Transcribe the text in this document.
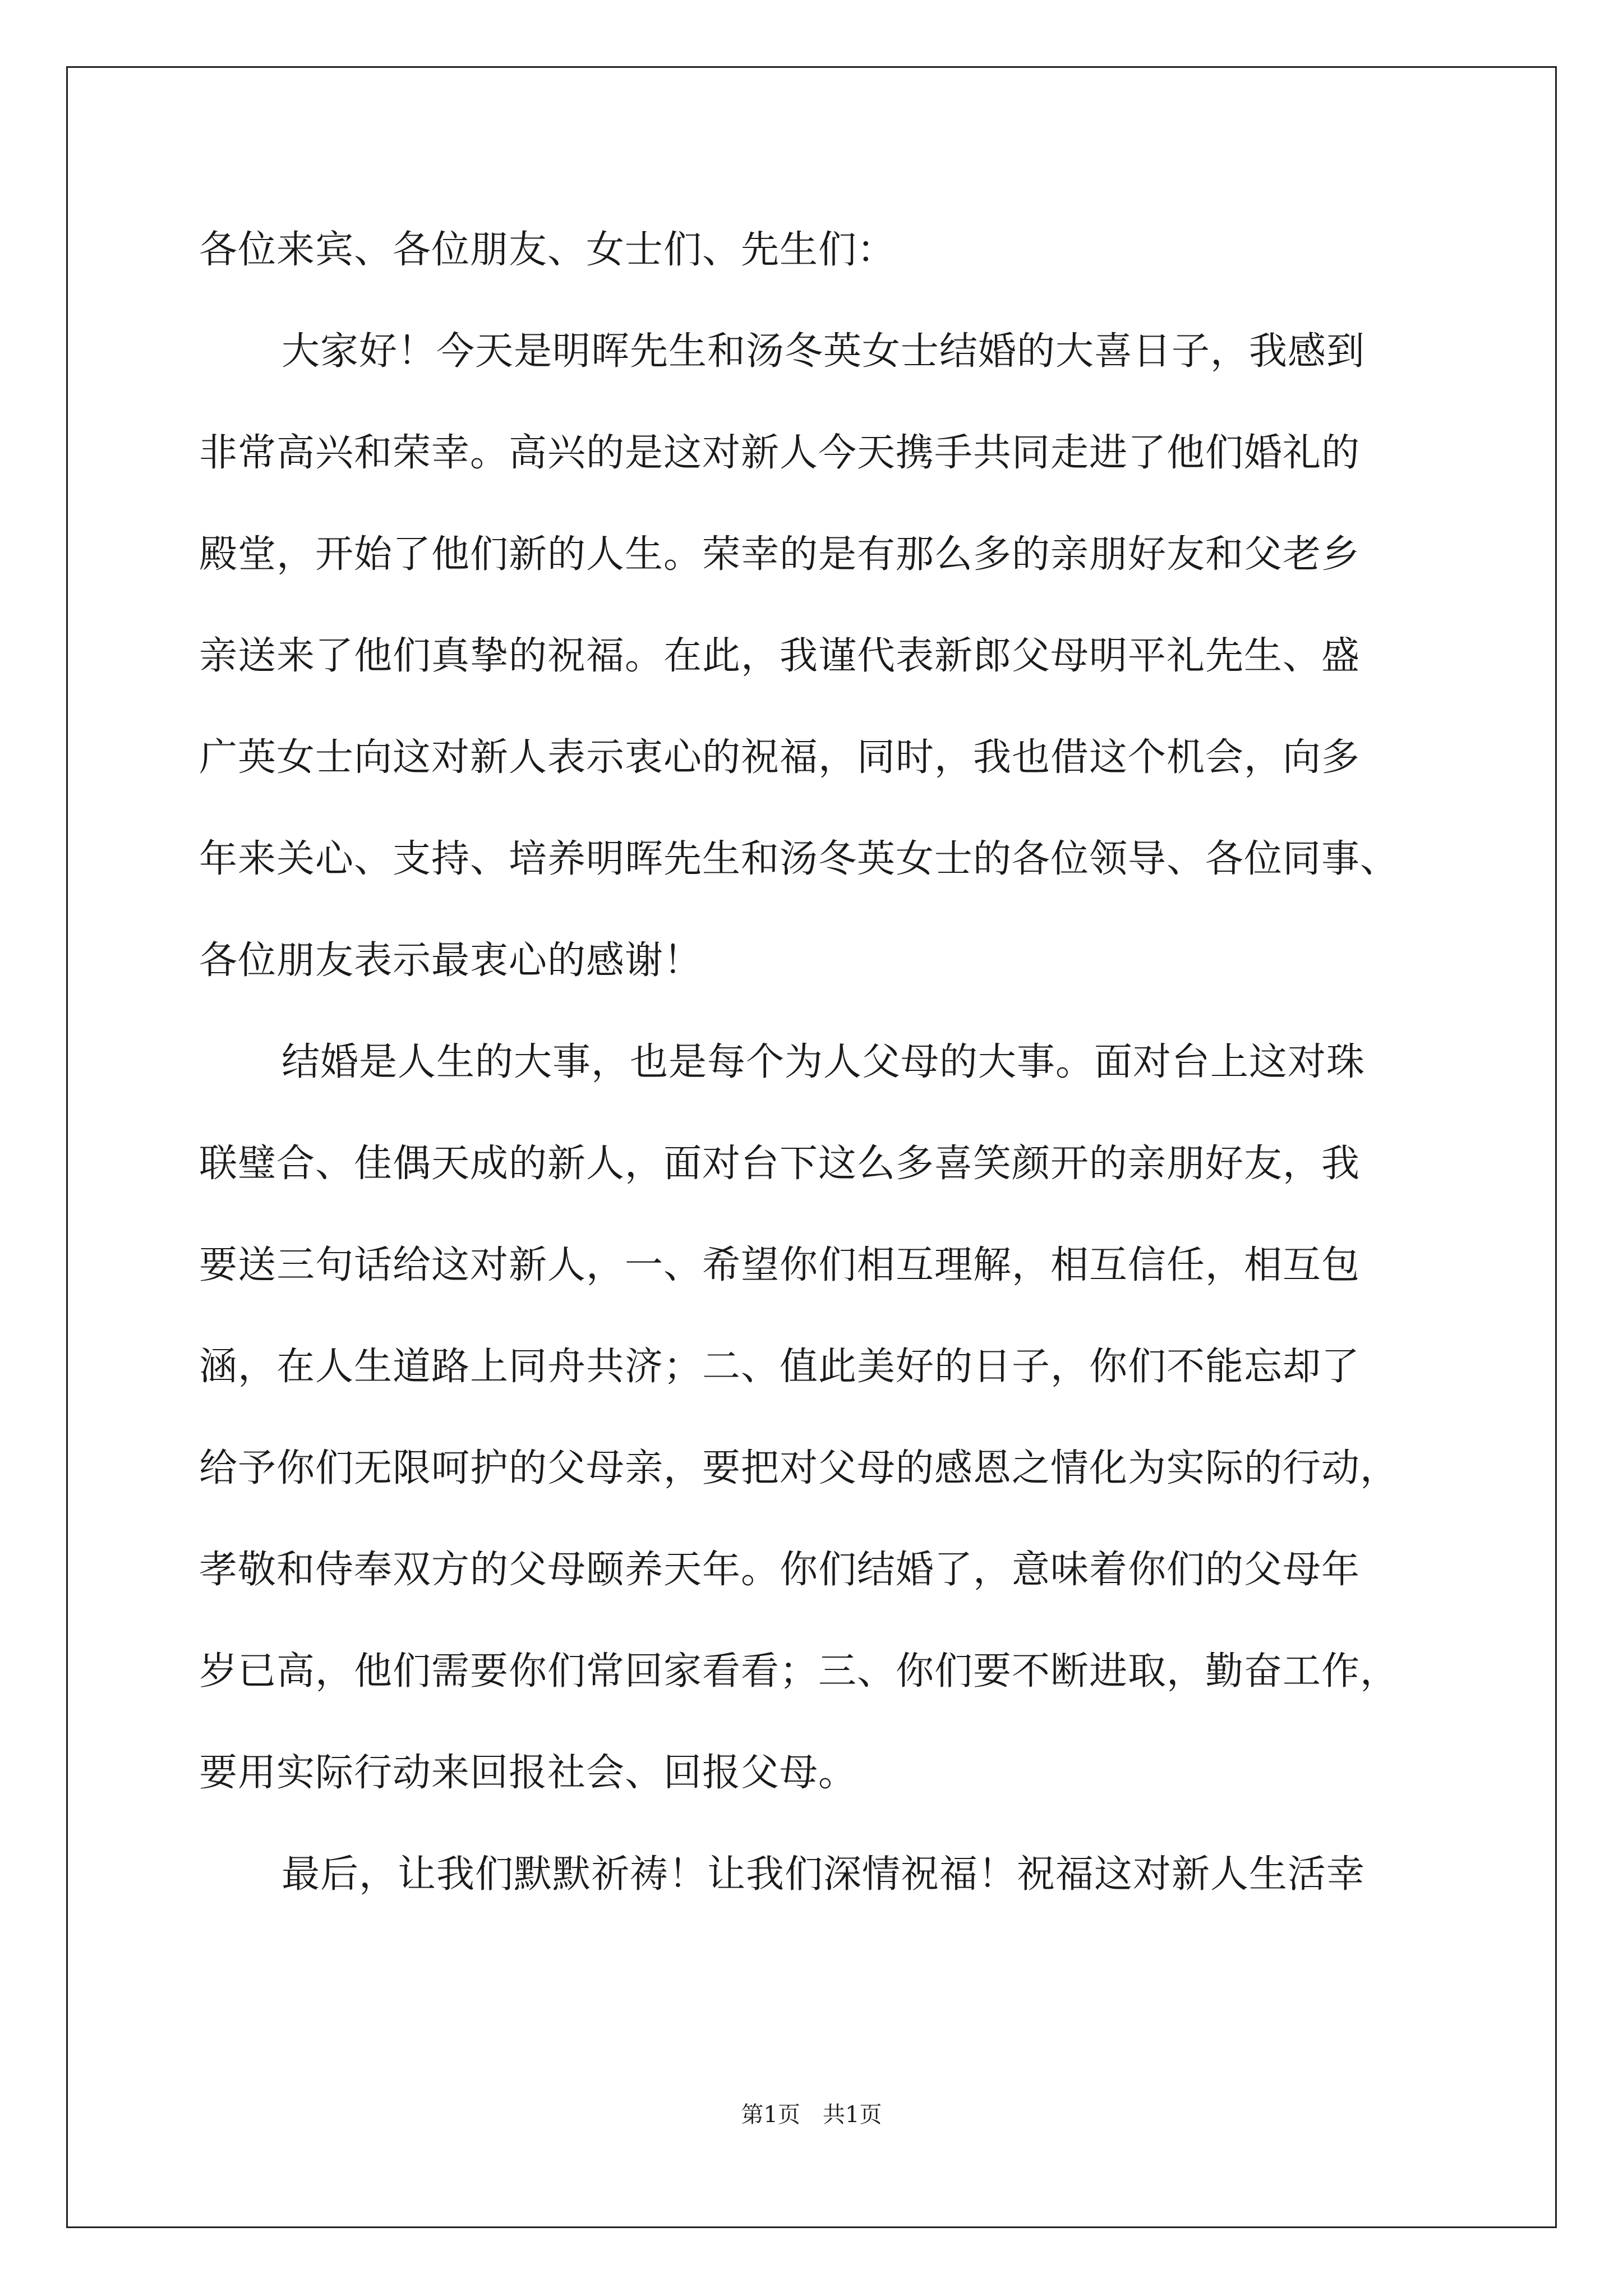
各位来宾、各位朋友、女士们、先生们：
大家好！今天是明晖先生和汤冬英女士结婚的大喜日子，我感到
非常高兴和荣幸。高兴的是这对新人今天携手共同走进了他们婚礼的
殿堂，开始了他们新的人生。荣幸的是有那么多的亲朋好友和父老乡
亲送来了他们真挚的祝福。在此，我谨代表新郎父母明平礼先生、盛
广英女士向这对新人表示衷心的祝福，同时，我也借这个机会，向多
年来关心、支持、培养明晖先生和汤冬英女士的各位领导、各位同事、
各位朋友表示最衷心的感谢！
结婚是人生的大事，也是每个为人父母的大事。面对台上这对珠
联璧合、佳偶天成的新人，面对台下这么多喜笑颜开的亲朋好友，我
要送三句话给这对新人，一、希望你们相互理解，相互信任，相互包
涵，在人生道路上同舟共济；二、值此美好的日子，你们不能忘却了
给予你们无限呵护的父母亲，要把对父母的感恩之情化为实际的行动，
孝敬和侍奉双方的父母颐养天年。你们结婚了，意味着你们的父母年
岁已高，他们需要你们常回家看看；三、你们要不断进取，勤奋工作，
要用实际行动来回报社会、回报父母。
最后，让我们默默祈祷！让我们深情祝福！祝福这对新人生活幸
第1页 共1页
